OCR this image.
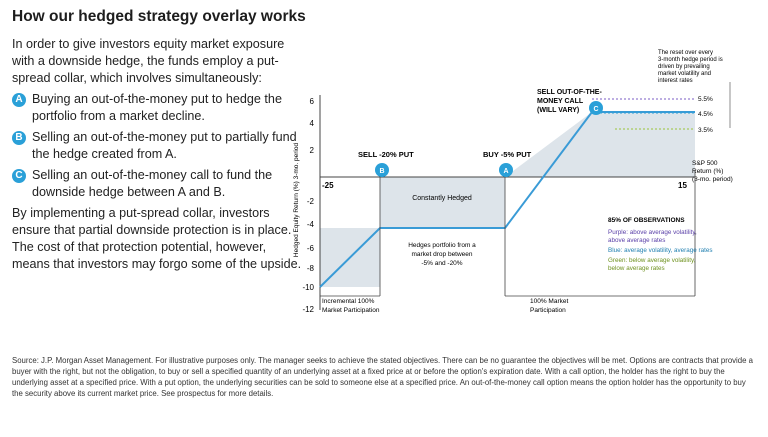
How our hedged strategy overlay works

In order to give investors equity market exposure with a downside hedge, the funds employ a put-spread collar, which involves simultaneously:

A Buying an out-of-the-money put to hedge the portfolio from a market decline.
B Selling an out-of-the-money put to partially fund the hedge created from A.
C Selling an out-of-the-money call to fund the downside hedge between A and B.

By implementing a put-spread collar, investors ensure that partial downside protection is in place. The cost of that protection potential, however, means that investors may forgo some of the upside.

6
4
2
-2
-4
-6
-8
-10
-12
Hedged Equity Return (%) 3-mo. period	-25	15
S&P 500
Return (%)
(3-mo. period)
5.5%
4.5%
3.5%
B	A
C
SELL -20% PUT	BUY -5% PUT
SELL OUT-OF-THE-
MONEY CALL
(WILL VARY)
Constantly Hedged
Hedges portfolio from a
market drop between
-5% and -20%
Incremental 100%
Market Participation
100% Market
Participation
The reset over every
3-month hedge period is
driven by prevailing
market volatility and
interest rates
85% OF OBSERVATIONS
Purple: above average volatility,
above average rates
Blue: average volatility, average rates
Green: below average volatility,
below average rates
Source: J.P. Morgan Asset Management. For illustrative purposes only. The manager seeks to achieve the stated objectives. There can be no guarantee the objectives will be met. Options are contracts that provide a buyer with the right, but not the obligation, to buy or sell a specified quantity of an underlying asset at a fixed price at or before the option's expiration date. With a call option, the holder has the right to buy the underlying asset at a specified price. With a put option, the underlying securities can be sold to someone else at a specified price. An out-of-the-money call option means the option holder has the opportunity to buy the security above its current market price. See prospectus for more details.
